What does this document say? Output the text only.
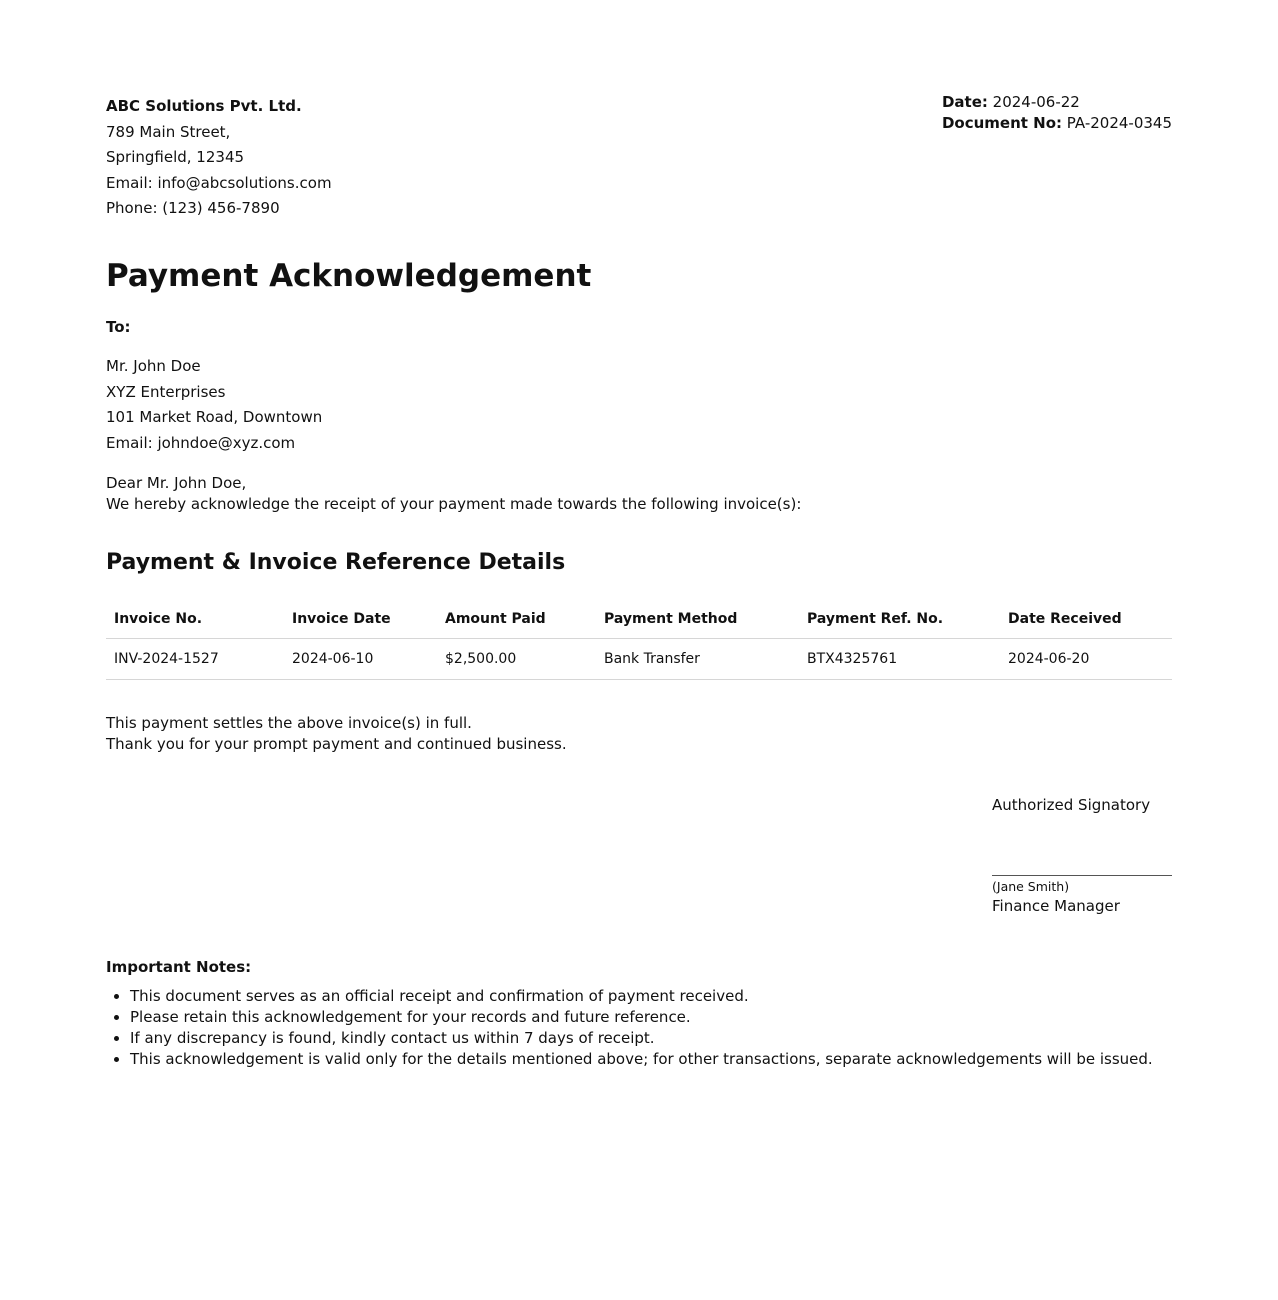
ABC Solutions Pvt. Ltd.
789 Main Street,
Springfield, 12345
Email: info@abcsolutions.com
Phone: (123) 456-7890
Date: 2024-06-22
Document No: PA-2024-0345
Payment Acknowledgement
To:
Mr. John Doe
XYZ Enterprises
101 Market Road, Downtown
Email: johndoe@xyz.com
Dear Mr. John Doe,
We hereby acknowledge the receipt of your payment made towards the following invoice(s):
Payment & Invoice Reference Details
Invoice No.	Invoice Date	Amount Paid	Payment Method	Payment Ref. No.	Date Received
INV-2024-1527	2024-06-10	$2,500.00	Bank Transfer	BTX4325761	2024-06-20
This payment settles the above invoice(s) in full.
Thank you for your prompt payment and continued business.
Authorized Signatory
(Jane Smith)
Finance Manager
Important Notes:
• This document serves as an official receipt and confirmation of payment received.
• Please retain this acknowledgement for your records and future reference.
• If any discrepancy is found, kindly contact us within 7 days of receipt.
• This acknowledgement is valid only for the details mentioned above; for other transactions, separate acknowledgements will be issued.
